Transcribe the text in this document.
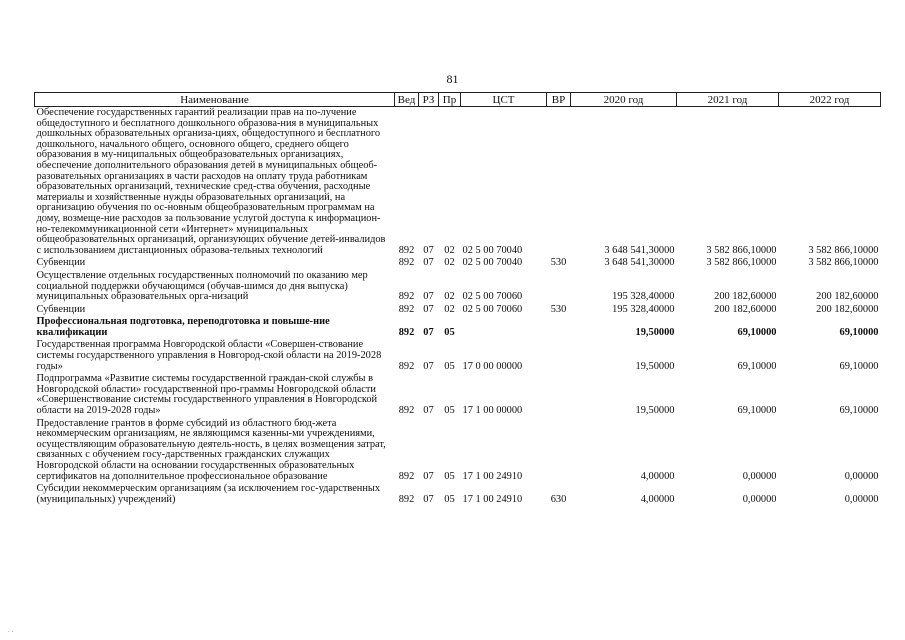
81
Наименование	Вед	РЗ	Пр	ЦСТ	ВР	2020 год	2021 год	2022 год
Обеспечение государственных гарантий реализации прав на по-лучение общедоступного и бесплатного дошкольного образова-ния в муниципальных дошкольных образовательных организа-циях, общедоступного и бесплатного дошкольного, начального общего, основного общего, среднего общего образования в му-ниципальных общеобразовательных организациях, обеспечение дополнительного образования детей в муниципальных общеоб-разовательных организациях в части расходов на оплату труда работникам образовательных организаций, технические сред-ства обучения, расходные материалы и хозяйственные нужды образовательных организаций, на организацию обучения по ос-новным общеобразовательным программам на дому, возмеще-ние расходов за пользование услугой доступа к информацион-но-телекоммуникационной сети «Интернет» муниципальных общеобразовательных организаций, организующих обучение детей-инвалидов с использованием дистанционных образова-тельных технологий	892	07	02	02 5 00 70040		3 648 541,30000	3 582 866,10000	3 582 866,10000
Субвенции	892	07	02	02 5 00 70040	530	3 648 541,30000	3 582 866,10000	3 582 866,10000
Осуществление отдельных государственных полномочий по оказанию мер социальной поддержки обучающимся (обучав-шимся до дня выпуска) муниципальных образовательных орга-низаций	892	07	02	02 5 00 70060		195 328,40000	200 182,60000	200 182,60000
Субвенции	892	07	02	02 5 00 70060	530	195 328,40000	200 182,60000	200 182,60000
Профессиональная подготовка, переподготовка и повыше-ние квалификации	892	07	05			19,50000	69,10000	69,10000
Государственная программа Новгородской области «Совершен-ствование системы государственного управления в Новгород-ской области на 2019-2028 годы»	892	07	05	17 0 00 00000		19,50000	69,10000	69,10000
Подпрограмма «Развитие системы государственной граждан-ской службы в Новгородской области» государственной про-граммы Новгородской области «Совершенствование системы государственного управления в Новгородской области на 2019-2028 годы»	892	07	05	17 1 00 00000		19,50000	69,10000	69,10000
Предоставление грантов в форме субсидий из областного бюд-жета некоммерческим организациям, не являющимся казенны-ми учреждениями, осуществляющим образовательную деятель-ность, в целях возмещения затрат, связанных с обучением госу-дарственных гражданских служащих Новгородской области на основании государственных образовательных сертификатов на дополнительное профессиональное образование	892	07	05	17 1 00 24910		4,00000	0,00000	0,00000
Субсидии некоммерческим организациям (за исключением гос-ударственных (муниципальных) учреждений)	892	07	05	17 1 00 24910	630	4,00000	0,00000	0,00000
. .
